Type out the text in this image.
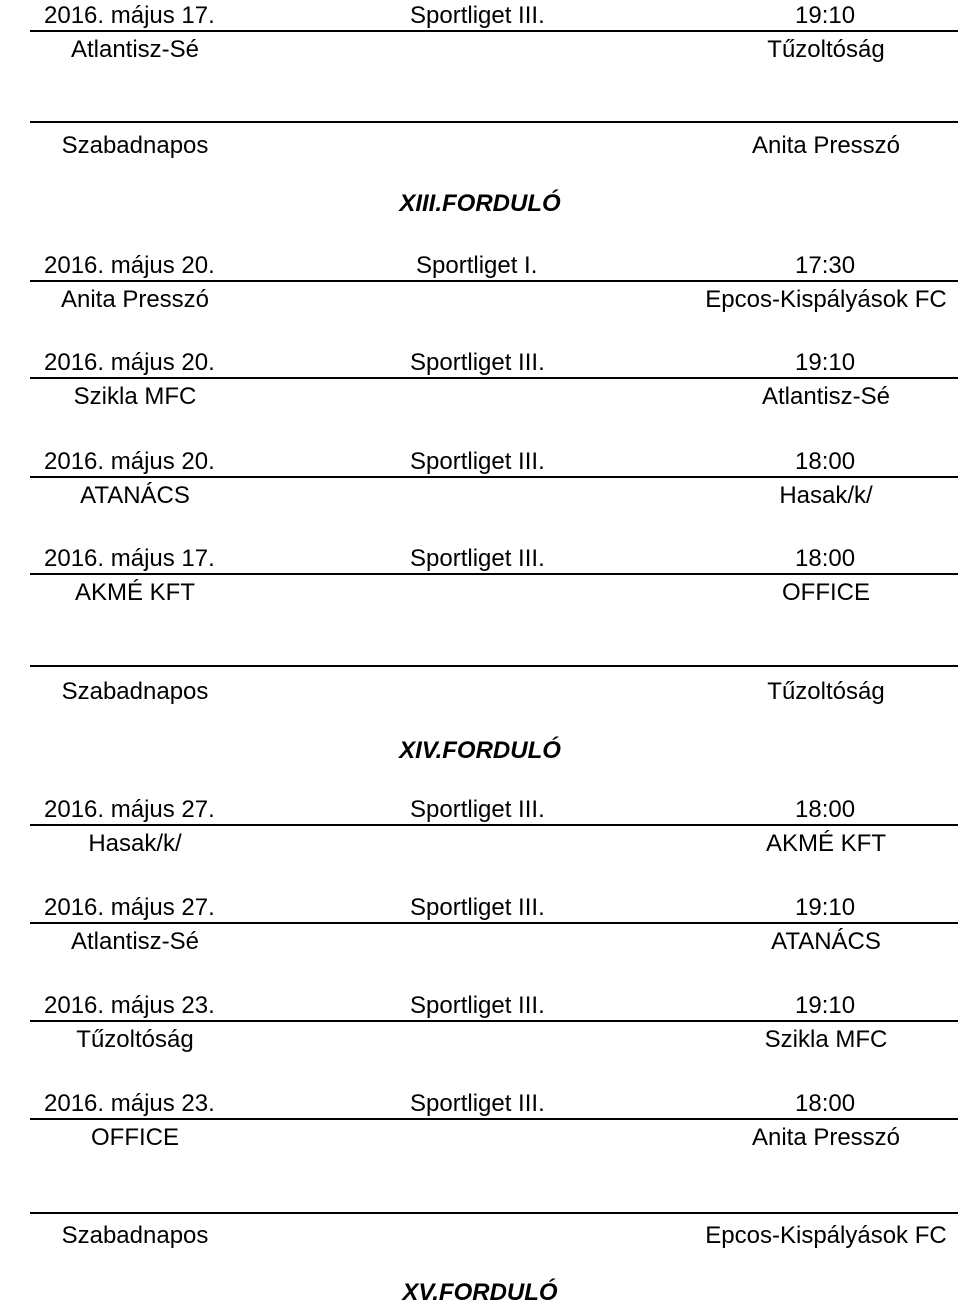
2016. május 17.	Sportliget III.	19:10
Atlantisz-Sé	Tűzoltóság
Szabadnapos	Anita Presszó
XIII.FORDULÓ
2016. május 20.	Sportliget I.	17:30
Anita Presszó	Epcos-Kispályások FC
2016. május 20.	Sportliget III.	19:10
Szikla MFC	Atlantisz-Sé
2016. május 20.	Sportliget III.	18:00
ATANÁCS	Hasak/k/
2016. május 17.	Sportliget III.	18:00
AKMÉ KFT	OFFICE
Szabadnapos	Tűzoltóság
XIV.FORDULÓ
2016. május 27.	Sportliget III.	18:00
Hasak/k/	AKMÉ KFT
2016. május 27.	Sportliget III.	19:10
Atlantisz-Sé	ATANÁCS
2016. május 23.	Sportliget III.	19:10
Tűzoltóság	Szikla MFC
2016. május 23.	Sportliget III.	18:00
OFFICE	Anita Presszó
Szabadnapos	Epcos-Kispályások FC
XV.FORDULÓ
